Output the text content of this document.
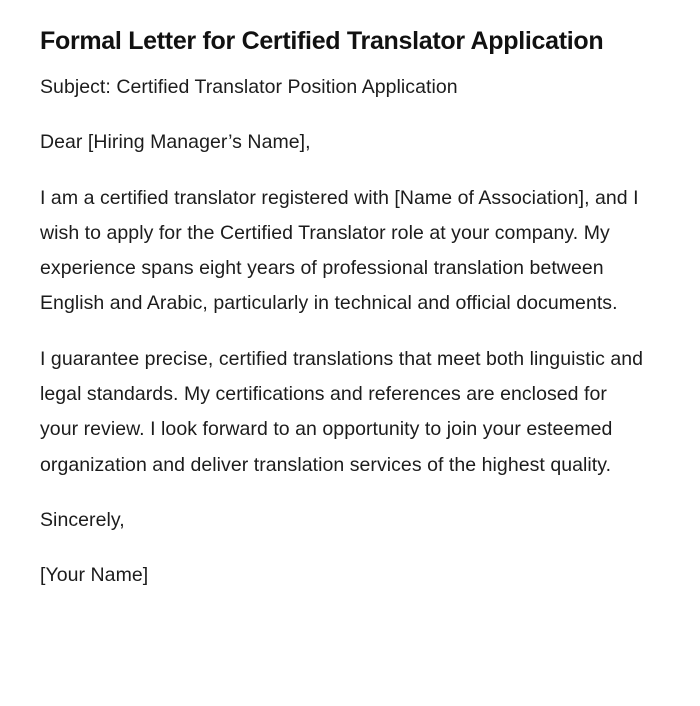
Formal Letter for Certified Translator Application

Subject: Certified Translator Position Application

Dear [Hiring Manager’s Name],

I am a certified translator registered with [Name of Association], and I wish to apply for the Certified Translator role at your company. My experience spans eight years of professional translation between English and Arabic, particularly in technical and official documents.

I guarantee precise, certified translations that meet both linguistic and legal standards. My certifications and references are enclosed for your review. I look forward to an opportunity to join your esteemed organization and deliver translation services of the highest quality.

Sincerely,

[Your Name]
